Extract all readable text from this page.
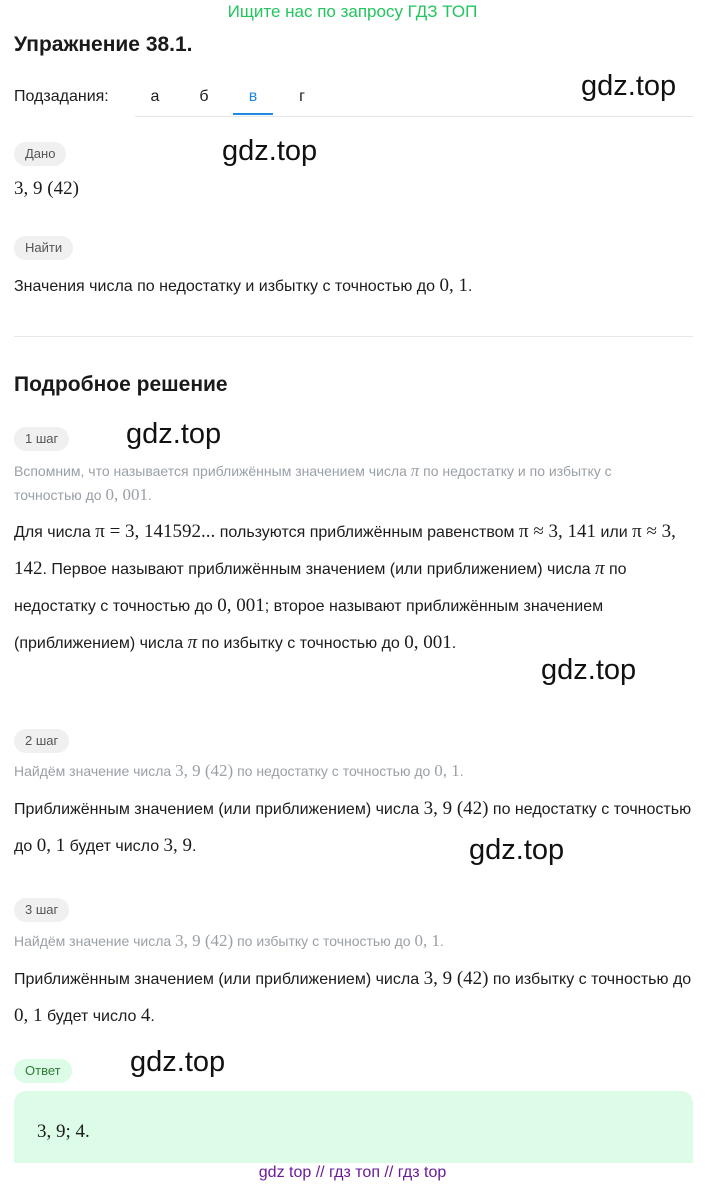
Ищите нас по запросу ГДЗ ТОП
Упражнение 38.1.
Подзадания:	а	б	в	г	gdz.top
gdz.top
gdz.top
gdz.top
gdz.top
gdz.top
Дано
3, 9 (42)
Найти
Значения числа по недостатку и избытку с точностью до 0, 1.
Подробное решение
1 шаг
Вспомним, что называется приближённым значением числа π по недостатку и по избытку с точностью до 0, 001.
Для числа π = 3, 141592... пользуются приближённым равенством π ≈ 3, 141 или π ≈ 3, 142. Первое называют приближённым значением (или приближением) числа π по недостатку с точностью до 0, 001; второе называют приближённым значением (приближением) числа π по избытку с точностью до 0, 001.
2 шаг
Найдём значение числа 3, 9 (42) по недостатку с точностью до 0, 1.
Приближённым значением (или приближением) числа 3, 9 (42) по недостатку с точностью до 0, 1 будет число 3, 9.
3 шаг
Найдём значение числа 3, 9 (42) по избытку с точностью до 0, 1.
Приближённым значением (или приближением) числа 3, 9 (42) по избытку с точностью до 0, 1 будет число 4.
Ответ
3, 9; 4.
gdz top // гдз топ // гдз top
